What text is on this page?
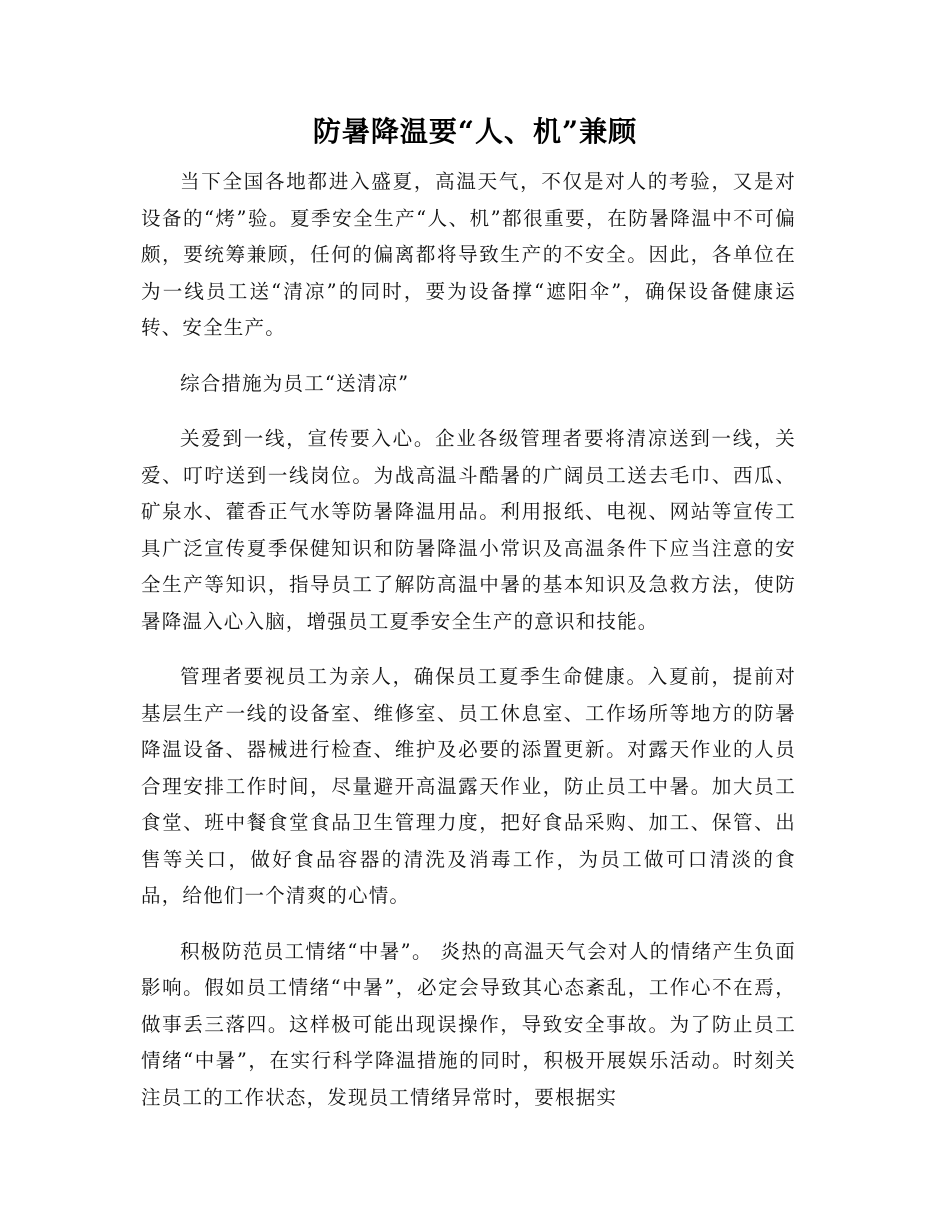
防暑降温要“人、机”兼顾

当下全国各地都进入盛夏，高温天气，不仅是对人的考验，又是对设备的“烤”验。夏季安全生产“人、机”都很重要，在防暑降温中不可偏颇，要统筹兼顾，任何的偏离都将导致生产的不安全。因此，各单位在为一线员工送“清凉”的同时，要为设备撑“遮阳伞”，确保设备健康运转、安全生产。

综合措施为员工“送清凉”

关爱到一线，宣传要入心。企业各级管理者要将清凉送到一线，关爱、叮咛送到一线岗位。为战高温斗酷暑的广阔员工送去毛巾、西瓜、矿泉水、藿香正气水等防暑降温用品。利用报纸、电视、网站等宣传工具广泛宣传夏季保健知识和防暑降温小常识及高温条件下应当注意的安全生产等知识，指导员工了解防高温中暑的基本知识及急救方法，使防暑降温入心入脑，增强员工夏季安全生产的意识和技能。

管理者要视员工为亲人，确保员工夏季生命健康。入夏前，提前对基层生产一线的设备室、维修室、员工休息室、工作场所等地方的防暑降温设备、器械进行检查、维护及必要的添置更新。对露天作业的人员合理安排工作时间，尽量避开高温露天作业，防止员工中暑。加大员工食堂、班中餐食堂食品卫生管理力度，把好食品采购、加工、保管、出售等关口，做好食品容器的清洗及消毒工作，为员工做可口清淡的食品，给他们一个清爽的心情。

积极防范员工情绪“中暑”。 炎热的高温天气会对人的情绪产生负面影响。假如员工情绪“中暑”，必定会导致其心态紊乱，工作心不在焉，做事丢三落四。这样极可能出现误操作，导致安全事故。为了防止员工情绪“中暑”，在实行科学降温措施的同时，积极开展娱乐活动。时刻关注员工的工作状态，发现员工情绪异常时，要根据实
